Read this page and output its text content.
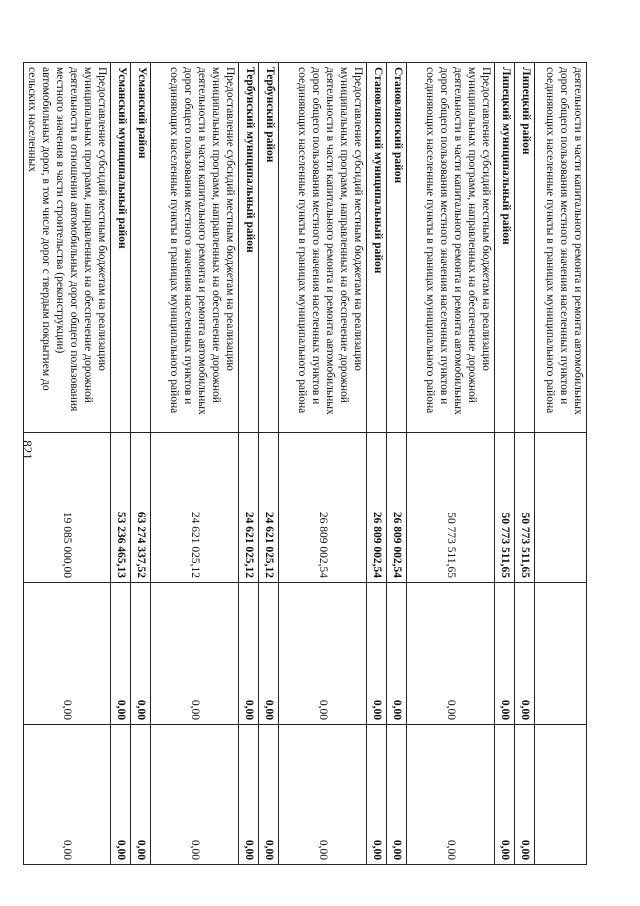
821
деятельности в части капитального ремонта и ремонта автомобильных дорог общего пользования местного значения населенных пунктов и соединяющих населенные пункты в границах муниципального района			
Липецкий район	50 773 511,65	0,00	0,00
Липецкий муниципальный район	50 773 511,65	0,00	0,00
Предоставление субсидий местным бюджетам на реализацию муниципальных программ, направленных на обеспечение дорожной деятельности в части капитального ремонта и ремонта автомобильных дорог общего пользования местного значения населенных пунктов и соединяющих населенные пункты в границах муниципального района	50 773 511,65	0,00	0,00
Становлянский район	26 809 002,54	0,00	0,00
Становлянский муниципальный район	26 809 002,54	0,00	0,00
Предоставление субсидий местным бюджетам на реализацию муниципальных программ, направленных на обеспечение дорожной деятельности в части капитального ремонта и ремонта автомобильных дорог общего пользования местного значения населенных пунктов и соединяющих населенные пункты в границах муниципального района	26 809 002,54	0,00	0,00
Тербунский район	24 621 025,12	0,00	0,00
Тербунский муниципальный район	24 621 025,12	0,00	0,00
Предоставление субсидий местным бюджетам на реализацию муниципальных программ, направленных на обеспечение дорожной деятельности в части капитального ремонта и ремонта автомобильных дорог общего пользования местного значения населенных пунктов и соединяющих населенные пункты в границах муниципального района	24 621 025,12	0,00	0,00
Усманский район	63 274 337,52	0,00	0,00
Усманский муниципальный район	53 236 465,13	0,00	0,00
Предоставление субсидий местным бюджетам на реализацию муниципальных программ, направленных на обеспечение дорожной деятельности в отношении автомобильных дорог общего пользования местного значения в части строительства (реконструкции) автомобильных дорог, в том числе дорог с твердым покрытием до сельских населенных	19 085 000,00	0,00	0,00
